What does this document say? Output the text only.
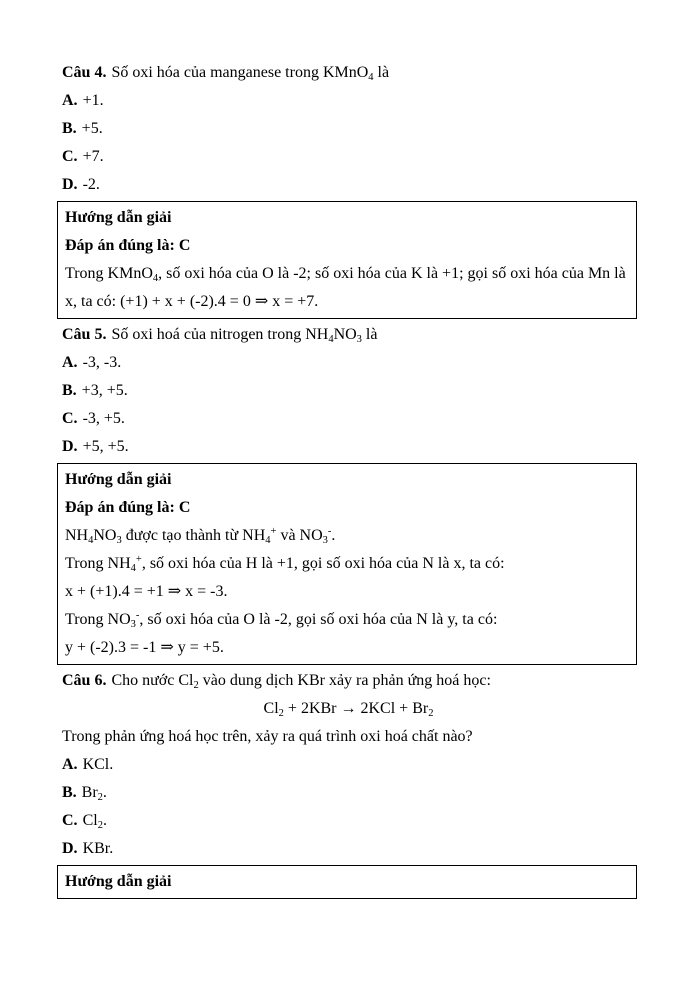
Câu 4. Số oxi hóa của manganese trong KMnO$_4$ là

A. +1.

B. +5.

C. +7.

D. -2.

Hướng dẫn giải

Đáp án đúng là: C

Trong KMnO$_4$, số oxi hóa của O là -2; số oxi hóa của K là +1; gọi số oxi hóa của Mn là x, ta có: (+1) + x + (-2).4 = 0 ⇒ x = +7.

Câu 5. Số oxi hoá của nitrogen trong $NH_4NO_3$ là

A. -3, -3.

B. +3, +5.

C. -3, +5.

D. +5, +5.

Hướng dẫn giải

Đáp án đúng là: C

$NH_4NO_3$ được tạo thành từ $NH_4^+$ và $NO_3^-$.

Trong $NH_4^+$, số oxi hóa của H là +1, gọi số oxi hóa của N là x, ta có:

x + (+1).4 = +1 ⇒ x = -3.

Trong $NO_3^-$, số oxi hóa của O là -2, gọi số oxi hóa của N là y, ta có:

y + (-2).3 = -1 ⇒ y = +5.

Câu 6. Cho nước $Cl_2$ vào dung dịch KBr xảy ra phản ứng hoá học:

$Cl_2 + 2KBr \to 2KCl + Br_2$

Trong phản ứng hoá học trên, xảy ra quá trình oxi hoá chất nào?

A. KCl.

B. $Br_2$.

C. $Cl_2$.

D. KBr.

Hướng dẫn giải
